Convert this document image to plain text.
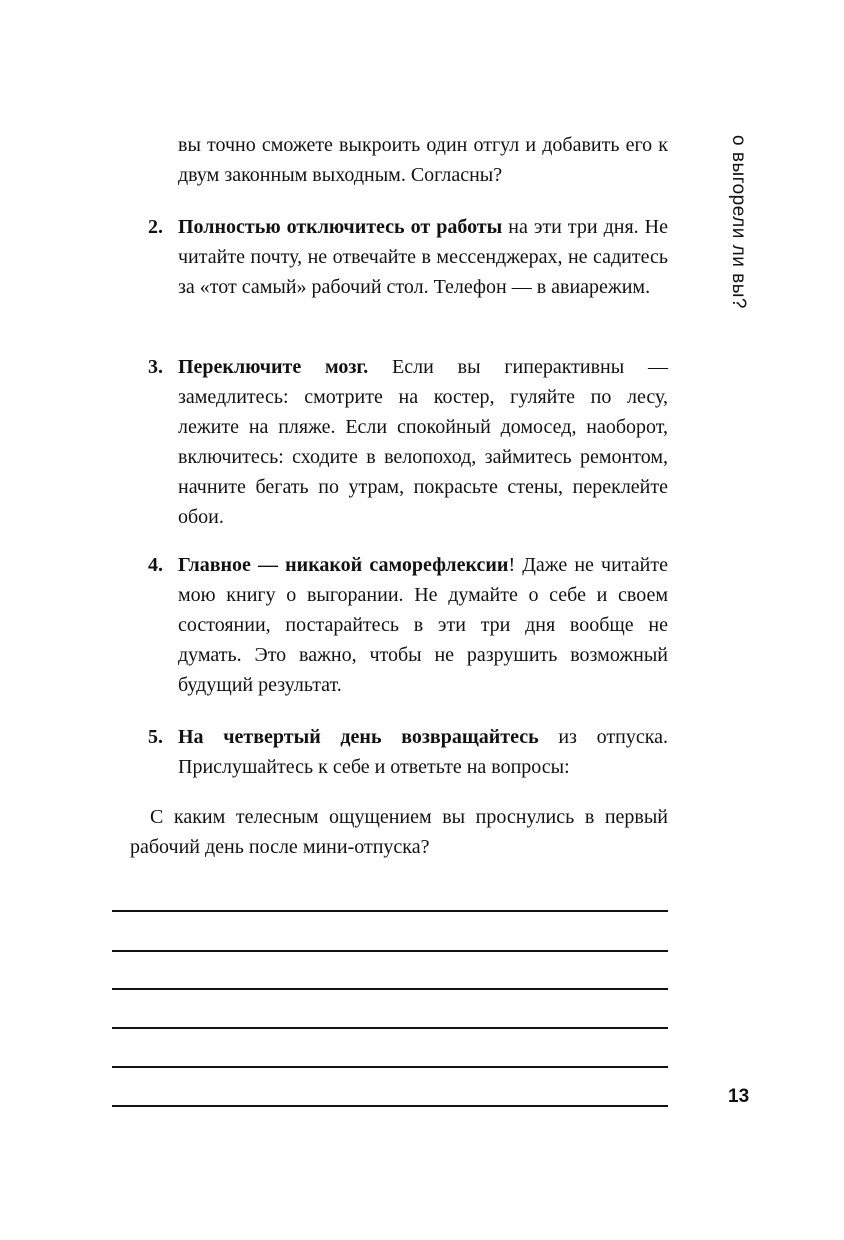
о выгорели ли вы?
вы точно сможете выкроить один отгул и добавить его к двум законным выходным. Согласны?
2. Полностью отключитесь от работы на эти три дня. Не читайте почту, не отвечайте в мессенджерах, не садитесь за «тот самый» рабочий стол. Телефон — в авиарежим.
3. Переключите мозг. Если вы гиперактивны — замедлитесь: смотрите на костер, гуляйте по лесу, лежите на пляже. Если спокойный домосед, наоборот, включитесь: сходите в велопоход, займитесь ремонтом, начните бегать по утрам, покрасьте стены, переклейте обои.
4. Главное — никакой саморефлексии! Даже не читайте мою книгу о выгорании. Не думайте о себе и своем состоянии, постарайтесь в эти три дня вообще не думать. Это важно, чтобы не разрушить возможный будущий результат.
5. На четвертый день возвращайтесь из отпуска. Прислушайтесь к себе и ответьте на вопросы:
С каким телесным ощущением вы проснулись в первый рабочий день после мини-отпуска?
13
